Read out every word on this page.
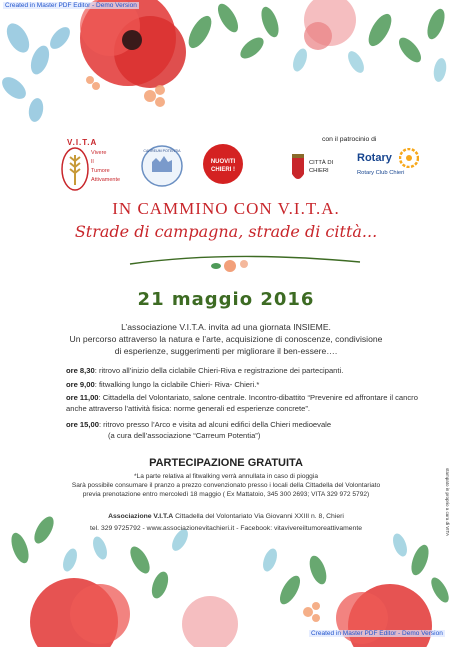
Created in Master PDF Editor - Demo Version
Created in Master PDF Editor - Demo Version
V.I.T.A
Vivere
Il
Tumore
Attivamente
CARREUM POTENTIA
NUOVITI
CHIERI !
con il patrocinio di
CITTÀ DI
CHIERI
Rotary
Rotary Club Chieri
IN CAMMINO CON V.I.T.A.
Strade di campagna, strade di città...
21 maggio 2016
L’associazione V.I.T.A. invita ad una giornata INSIEME.
Un percorso attraverso la natura e l’arte, acquisizione di conoscenze, condivisione
di esperienze, suggerimenti per migliorare il ben-essere….
ore 8,30: ritrovo all’inizio della ciclabile Chieri-Riva e registrazione dei partecipanti.
ore 9,00: fitwalking lungo la ciclabile Chieri- Riva- Chieri.*
ore 11,00: Cittadella del Volontariato, salone centrale. Incontro-dibattito “Prevenire ed affrontare il cancro anche attraverso l’attività fisica: norme generali ed esperienze concrete”.
ore 15,00: ritrovo presso l’Arco e visita ad alcuni edifici della Chieri medioevale
(a cura dell’associazione “Carreum Potentia”)
PARTECIPAZIONE GRATUITA
*La parte relativa al fitwalking verrà annullata in caso di pioggia
Sarà possibile consumare il pranzo a prezzo convenzionato presso i locali della Cittadella del Volontariato
previa prenotazione entro mercoledì 18 maggio ( Ex Mattatoio, 345 300 2693; VITA 329 972 5792)
Associazione V.I.T.A Cittadella del Volontariato Via Giovanni XXIII n. 8, Chieri
tel. 329 9725792 - www.associazionevitachieri.it - Facebook: vitavivereiltumoreattivamente	stampato in proprio a cura di VITA
